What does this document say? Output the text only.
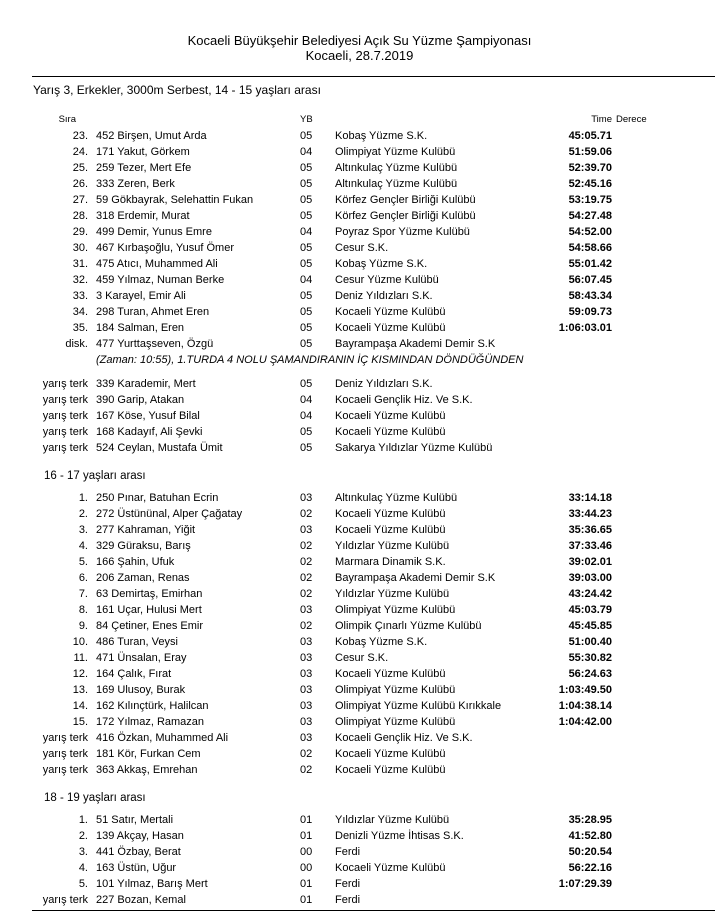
Kocaeli Büyükşehir Belediyesi Açık Su Yüzme Şampiyonası
Kocaeli, 28.7.2019
Yarış 3, Erkekler, 3000m Serbest, 14 - 15 yaşları arası
Sıra	YB	Time Derece
23. 452 Birşen, Umut Arda	05	Kobaş Yüzme S.K.	45:05.71
24. 171 Yakut, Görkem	04	Olimpiyat Yüzme Kulübü	51:59.06
25. 259 Tezer, Mert Efe	05	Altınkulaç Yüzme Kulübü	52:39.70
26. 333 Zeren, Berk	05	Altınkulaç Yüzme Kulübü	52:45.16
27. 59 Gökbayrak, Selehattin Fukan	05	Körfez Gençler Birliği Kulübü	53:19.75
28. 318 Erdemir, Murat	05	Körfez Gençler Birliği Kulübü	54:27.48
29. 499 Demir, Yunus Emre	04	Poyraz Spor Yüzme Kulübü	54:52.00
30. 467 Kırbaşoğlu, Yusuf Ömer	05	Cesur S.K.	54:58.66
31. 475 Atıcı, Muhammed Ali	05	Kobaş Yüzme S.K.	55:01.42
32. 459 Yılmaz, Numan Berke	04	Cesur Yüzme Kulübü	56:07.45
33. 3 Karayel, Emir Ali	05	Deniz Yıldızları S.K.	58:43.34
34. 298 Turan, Ahmet Eren	05	Kocaeli Yüzme Kulübü	59:09.73
35. 184 Salman, Eren	05	Kocaeli Yüzme Kulübü	1:06:03.01
disk. 477 Yurttaşseven, Özgü	05	Bayrampaşa Akademi Demir S.K
(Zaman: 10:55), 1.TURDA 4 NOLU ŞAMANDIRANIN İÇ KISMINDAN DÖNDÜĞÜNDEN
yarış terk 339 Karademir, Mert	05	Deniz Yıldızları S.K.
yarış terk 390 Garip, Atakan	04	Kocaeli Gençlik Hiz. Ve S.K.
yarış terk 167 Köse, Yusuf Bilal	04	Kocaeli Yüzme Kulübü
yarış terk 168 Kadayıf, Ali Şevki	05	Kocaeli Yüzme Kulübü
yarış terk 524 Ceylan, Mustafa Ümit	05	Sakarya Yıldızlar Yüzme Kulübü
16 - 17 yaşları arası
1. 250 Pınar, Batuhan Ecrin	03	Altınkulaç Yüzme Kulübü	33:14.18
2. 272 Üstününal, Alper Çağatay	02	Kocaeli Yüzme Kulübü	33:44.23
3. 277 Kahraman, Yiğit	03	Kocaeli Yüzme Kulübü	35:36.65
4. 329 Güraksu, Barış	02	Yıldızlar Yüzme Kulübü	37:33.46
5. 166 Şahin, Ufuk	02	Marmara Dinamik S.K.	39:02.01
6. 206 Zaman, Renas	02	Bayrampaşa Akademi Demir S.K	39:03.00
7. 63 Demirtaş, Emirhan	02	Yıldızlar Yüzme Kulübü	43:24.42
8. 161 Uçar, Hulusi Mert	03	Olimpiyat Yüzme Kulübü	45:03.79
9. 84 Çetiner, Enes Emir	02	Olimpik Çınarlı Yüzme Kulübü	45:45.85
10. 486 Turan, Veysi	03	Kobaş Yüzme S.K.	51:00.40
11. 471 Ünsalan, Eray	03	Cesur S.K.	55:30.82
12. 164 Çalık, Fırat	03	Kocaeli Yüzme Kulübü	56:24.63
13. 169 Ulusoy, Burak	03	Olimpiyat Yüzme Kulübü	1:03:49.50
14. 162 Kılınçtürk, Halilcan	03	Olimpiyat Yüzme Kulübü Kırıkkale	1:04:38.14
15. 172 Yılmaz, Ramazan	03	Olimpiyat Yüzme Kulübü	1:04:42.00
yarış terk 416 Özkan, Muhammed Ali	03	Kocaeli Gençlik Hiz. Ve S.K.
yarış terk 181 Kör, Furkan Cem	02	Kocaeli Yüzme Kulübü
yarış terk 363 Akkaş, Emrehan	02	Kocaeli Yüzme Kulübü
18 - 19 yaşları arası
1. 51 Satır, Mertali	01	Yıldızlar Yüzme Kulübü	35:28.95
2. 139 Akçay, Hasan	01	Denizli Yüzme İhtisas S.K.	41:52.80
3. 441 Özbay, Berat	00	Ferdi	50:20.54
4. 163 Üstün, Uğur	00	Kocaeli Yüzme Kulübü	56:22.16
5. 101 Yılmaz, Barış Mert	01	Ferdi	1:07:29.39
yarış terk 227 Bozan, Kemal	01	Ferdi
